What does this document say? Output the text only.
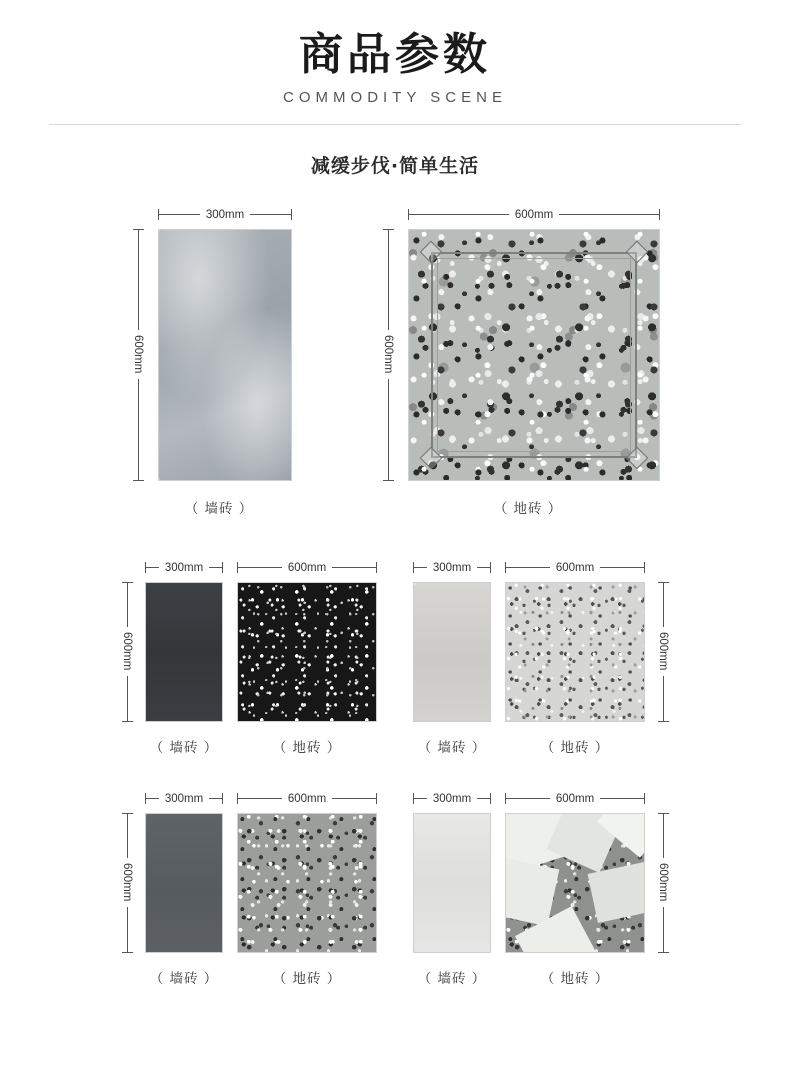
商品参数
COMMODITY SCENE
减缓步伐·简单生活
600mm
300mm
（ 墙砖 ）
600mm
600mm
（ 地砖 ）
600mm
300mm
（ 墙砖 ）
600mm
（ 地砖 ）
300mm
（ 墙砖 ）
600mm
（ 地砖 ）
600mm
600mm
300mm
（ 墙砖 ）
600mm
（ 地砖 ）
300mm
（ 墙砖 ）
600mm
（ 地砖 ）
600mm
